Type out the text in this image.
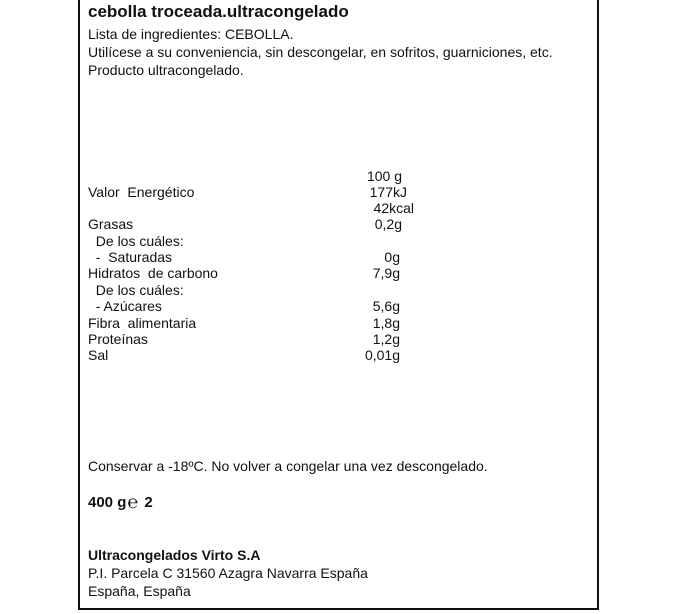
cebolla troceada.ultracongelado
Lista de ingredientes: CEBOLLA.
Utilícese a su conveniencia, sin descongelar, en sofritos, guarniciones, etc.
Producto ultracongelado.
100 g
Valor  Energético	177kJ
42kcal
Grasas	0,2g
De los cuáles:
-  Saturadas	0g
Hidratos  de carbono	7,9g
De los cuáles:
- Azúcares	5,6g
Fibra  alimentaria	1,8g
Proteínas	1,2g
Sal	0,01g
Conservar a -18ºC. No volver a congelar una vez descongelado.
400 g℮ 2
Ultracongelados Virto S.A
P.I. Parcela C 31560 Azagra Navarra España
España, España
